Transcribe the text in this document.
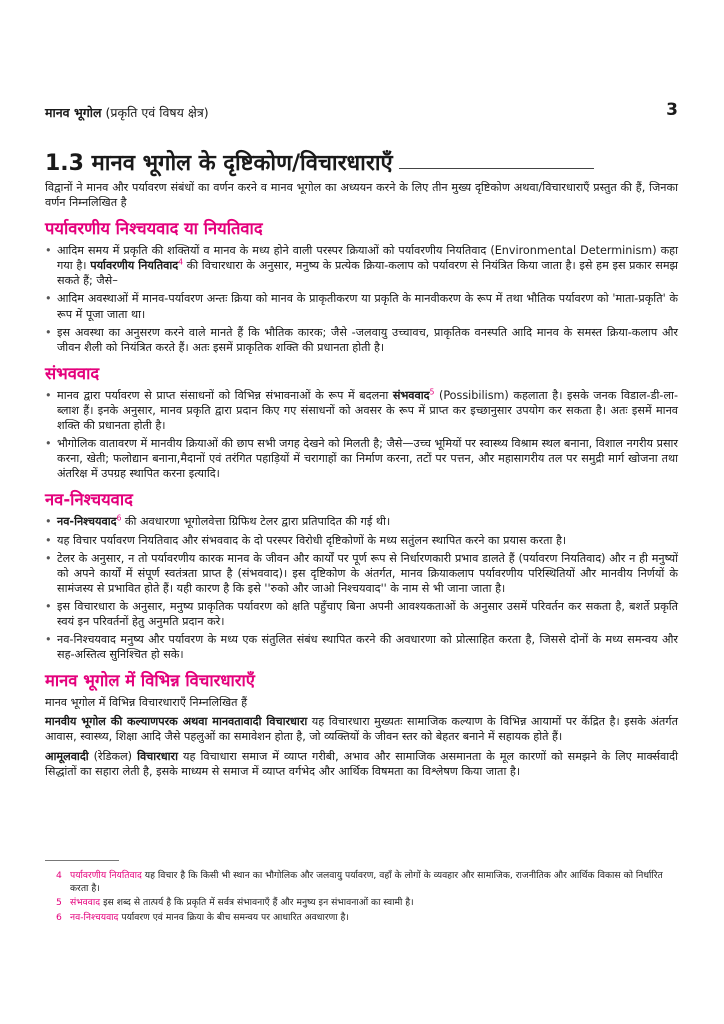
मानव भूगोल (प्रकृति एवं विषय क्षेत्र)	3
1.3 मानव भूगोल के दृष्टिकोण/विचारधाराएँ

विद्वानों ने मानव और पर्यावरण संबंधों का वर्णन करने व मानव भूगोल का अध्ययन करने के लिए तीन मुख्य दृष्टिकोण अथवा/विचारधाराएँ प्रस्तुत की हैं, जिनका वर्णन निम्नलिखित है

पर्यावरणीय निश्चयवाद या नियतिवाद
• आदिम समय में प्रकृति की शक्तियों व मानव के मध्य होने वाली परस्पर क्रियाओं को पर्यावरणीय नियतिवाद (Environmental Determinism) कहा गया है। पर्यावरणीय नियतिवाद$^4$ की विचारधारा के अनुसार, मनुष्य के प्रत्येक क्रिया-कलाप को पर्यावरण से नियंत्रित किया जाता है। इसे हम इस प्रकार समझ सकते हैं; जैसे–
• आदिम अवस्थाओं में मानव-पर्यावरण अन्तः क्रिया को मानव के प्राकृतीकरण या प्रकृति के मानवीकरण के रूप में तथा भौतिक पर्यावरण को 'माता-प्रकृति' के रूप में पूजा जाता था।
• इस अवस्था का अनुसरण करने वाले मानते हैं कि भौतिक कारक; जैसे -जलवायु उच्चावच, प्राकृतिक वनस्पति आदि मानव के समस्त क्रिया-कलाप और जीवन शैली को नियंत्रित करते हैं। अतः इसमें प्राकृतिक शक्ति की प्रधानता होती है।
संभववाद
• मानव द्वारा पर्यावरण से प्राप्त संसाधनों को विभिन्न संभावनाओं के रूप में बदलना संभववाद$^5$ (Possibilism) कहलाता है। इसके जनक विडाल-डी-ला-ब्लाश हैं। इनके अनुसार, मानव प्रकृति द्वारा प्रदान किए गए संसाधनों को अवसर के रूप में प्राप्त कर इच्छानुसार उपयोग कर सकता है। अतः इसमें मानव शक्ति की प्रधानता होती है।
• भौगोलिक वातावरण में मानवीय क्रियाओं की छाप सभी जगह देखने को मिलती है; जैसे—उच्च भूमियों पर स्वास्थ्य विश्राम स्थल बनाना, विशाल नगरीय प्रसार करना, खेती; फलोद्यान बनाना,मैदानों एवं तरंगित पहाड़ियों में चरागाहों का निर्माण करना, तटों पर पत्तन, और महासागरीय तल पर समुद्री मार्ग खोजना तथा अंतरिक्ष में उपग्रह स्थापित करना इत्यादि।
नव-निश्चयवाद
• नव-निश्चयवाद$^6$ की अवधारणा भूगोलवेत्ता ग्रिफिथ टेलर द्वारा प्रतिपादित की गई थी।
• यह विचार पर्यावरण नियतिवाद और संभववाद के दो परस्पर विरोधी दृष्टिकोणों के मध्य सतुंलन स्थापित करने का प्रयास करता है।
• टेलर के अनुसार, न तो पर्यावरणीय कारक मानव के जीवन और कार्यों पर पूर्ण रूप से निर्धारणकारी प्रभाव डालते हैं (पर्यावरण नियतिवाद) और न ही मनुष्यों को अपने कार्यों में संपूर्ण स्वतंत्रता प्राप्त है (संभववाद)। इस दृष्टिकोण के अंतर्गत, मानव क्रियाकलाप पर्यावरणीय परिस्थितियों और मानवीय निर्णयों के सामंजस्य से प्रभावित होते हैं। यही कारण है कि इसे ''रुको और जाओ निश्चयवाद'' के नाम से भी जाना जाता है।
• इस विचारधारा के अनुसार, मनुष्य प्राकृतिक पर्यावरण को क्षति पहुँचाए बिना अपनी आवश्यकताओं के अनुसार उसमें परिवर्तन कर सकता है, बशर्ते प्रकृति स्वयं इन परिवर्तनों हेतु अनुमति प्रदान करे।
• नव-निश्चयवाद मनुष्य और पर्यावरण के मध्य एक संतुलित संबंध स्थापित करने की अवधारणा को प्रोत्साहित करता है, जिससे दोनों के मध्य समन्वय और सह-अस्तित्व सुनिश्चित हो सके।
मानव भूगोल में विभिन्न विचारधाराएँ

मानव भूगोल में विभिन्न विचारधाराएँ निम्नलिखित हैं

मानवीय भूगोल की कल्याणपरक अथवा मानवतावादी विचारधारा यह विचारधारा मुख्यतः सामाजिक कल्याण के विभिन्न आयामों पर केंद्रित है। इसके अंतर्गत आवास, स्वास्थ्य, शिक्षा आदि जैसे पहलुओं का समावेशन होता है, जो व्यक्तियों के जीवन स्तर को बेहतर बनाने में सहायक होते हैं।

आमूलवादी (रेडिकल) विचारधारा यह विचाधारा समाज में व्याप्त गरीबी, अभाव और सामाजिक असमानता के मूल कारणों को समझने के लिए मार्क्सवादी सिद्धांतों का सहारा लेती है, इसके माध्यम से समाज में व्याप्त वर्गभेद और आर्थिक विषमता का विश्लेषण किया जाता है।

4 पर्यावरणीय नियतिवाद यह विचार है कि किसी भी स्थान का भौगोलिक और जलवायु पर्यावरण, वहाँ के लोगों के व्यवहार और सामाजिक, राजनीतिक और आर्थिक विकास को निर्धारित करता है।
5 संभववाद इस शब्द से तात्पर्य है कि प्रकृति में सर्वत्र संभावनाएँ हैं और मनुष्य इन संभावनाओं का स्वामी है।
6 नव-निश्चयवाद पर्यावरण एवं मानव क्रिया के बीच समन्वय पर आधारित अवधारणा है।
